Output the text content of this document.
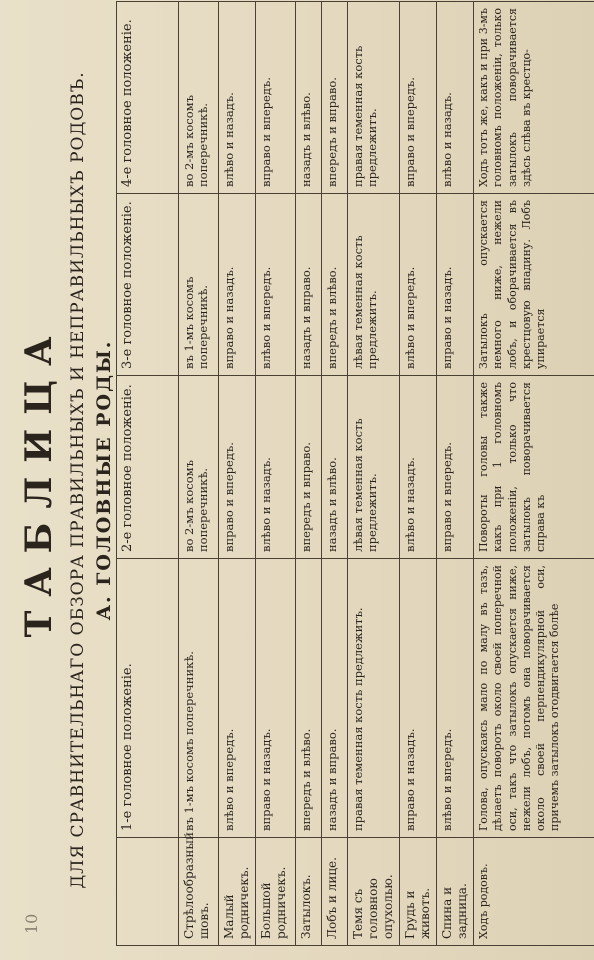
10
ТАБЛИЦА ДЛЯ СРАВНИТЕЛЬНАГО ОБЗОРА ПРАВИЛЬНЫХЪ И НЕПРАВИЛЬНЫХЪ РОДОВЪ. А. ГОЛОВНЫЕ РОДЫ.
	1-е головное положеніе.	2-е головное положеніе.	3-е головное положеніе.	4-е головное положеніе.
Стрѣлообразный шовъ.	въ 1-мъ косомъ поперечникѣ.	во 2-мъ косомъ поперечникѣ.	въ 1-мъ косомъ поперечникѣ.	во 2-мъ косомъ поперечникѣ.
Малый родничекъ.	влѣво и впередъ.	вправо и впередъ.	вправо и назадъ.	влѣво и назадъ.
Большой родничекъ.	вправо и назадъ.	влѣво и назадъ.	влѣво и впередъ.	вправо и впередъ.
Затылокъ.	впередъ и влѣво.	впередъ и вправо.	назадъ и вправо.	назадъ и влѣво.
Лобъ и лице.	назадъ и вправо.	назадъ и влѣво.	впередъ и влѣво.	впередъ и вправо.
Темя съ головною опухолью.	правая теменная кость предлежитъ.	лѣвая теменная кость предлежитъ.	лѣвая теменная кость предлежитъ.	правая теменная кость предлежитъ.
Грудь и животъ.	вправо и назадъ.	влѣво и назадъ.	влѣво и впередъ.	вправо и впередъ.
Спина и задница.	влѣво и впередъ.	вправо и впередъ.	вправо и назадъ.	влѣво и назадъ.
Ходъ родовъ.	Голова, опускаясь мало по малу въ тазъ, дѣлаетъ поворотъ около своей поперечной оси, такъ что затылокъ опускается ниже, нежели лобъ, потомъ она поворачивается около своей перпендикулярной оси, причемъ затылокъ отодвигается болѣе	Повороты головы также какъ при 1 головномъ положеніи, только что затылокъ поворачивается справа къ	Затылокъ опускается немного ниже, нежели лобъ, и оборачивается въ крестцовую впадину. Лобъ упирается	Ходъ тотъ же, какъ и при 3-мъ головномъ положеніи, только затылокъ поворачивается здѣсь слѣва въ крестцо-
